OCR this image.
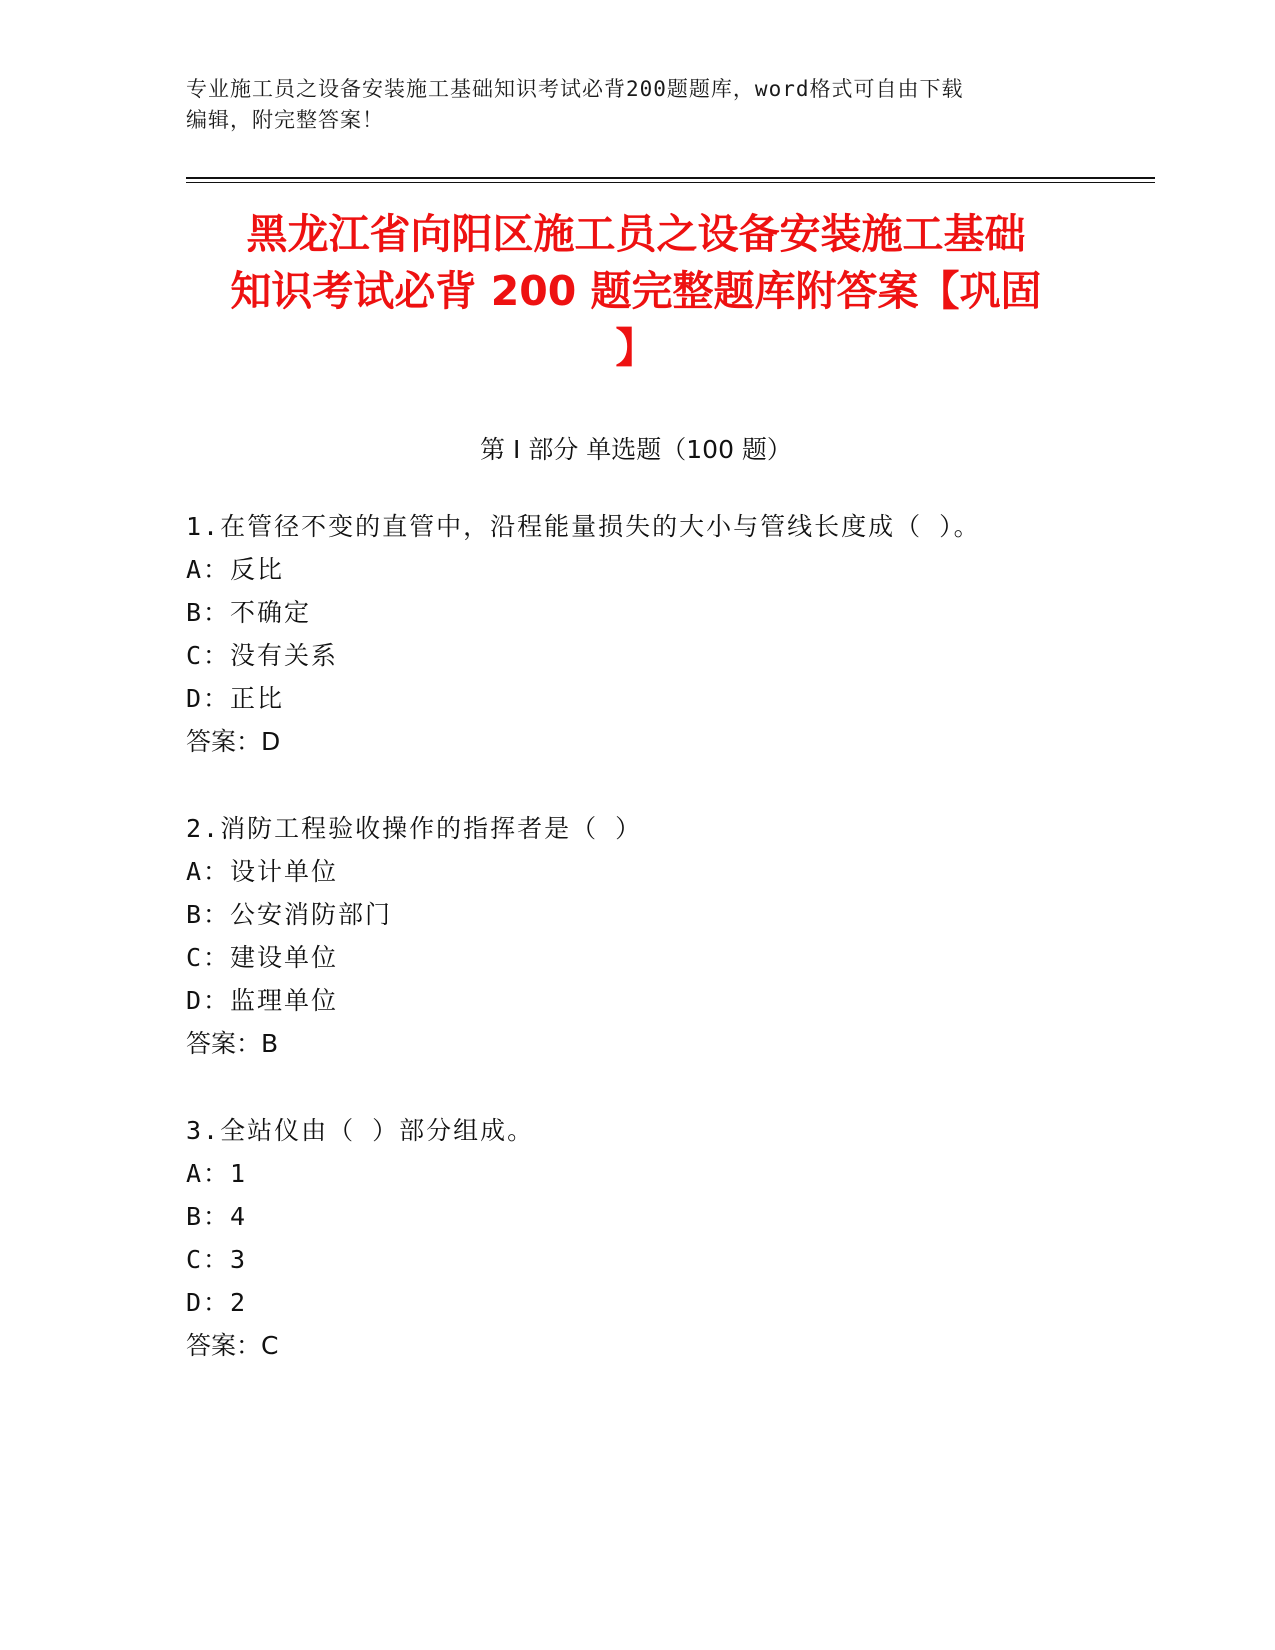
专业施工员之设备安装施工基础知识考试必背200题题库，word格式可自由下载
编辑，附完整答案！
黑龙江省向阳区施工员之设备安装施工基础
知识考试必背 200 题完整题库附答案【巩固
】
第 I 部分 单选题（100 题）
1.在管径不变的直管中，沿程能量损失的大小与管线长度成（ ）。
A：反比
B：不确定
C：没有关系
D：正比
答案：D
2.消防工程验收操作的指挥者是（ ）
A：设计单位
B：公安消防部门
C：建设单位
D：监理单位
答案：B
3.全站仪由（ ）部分组成。
A：1
B：4
C：3
D：2
答案：C
